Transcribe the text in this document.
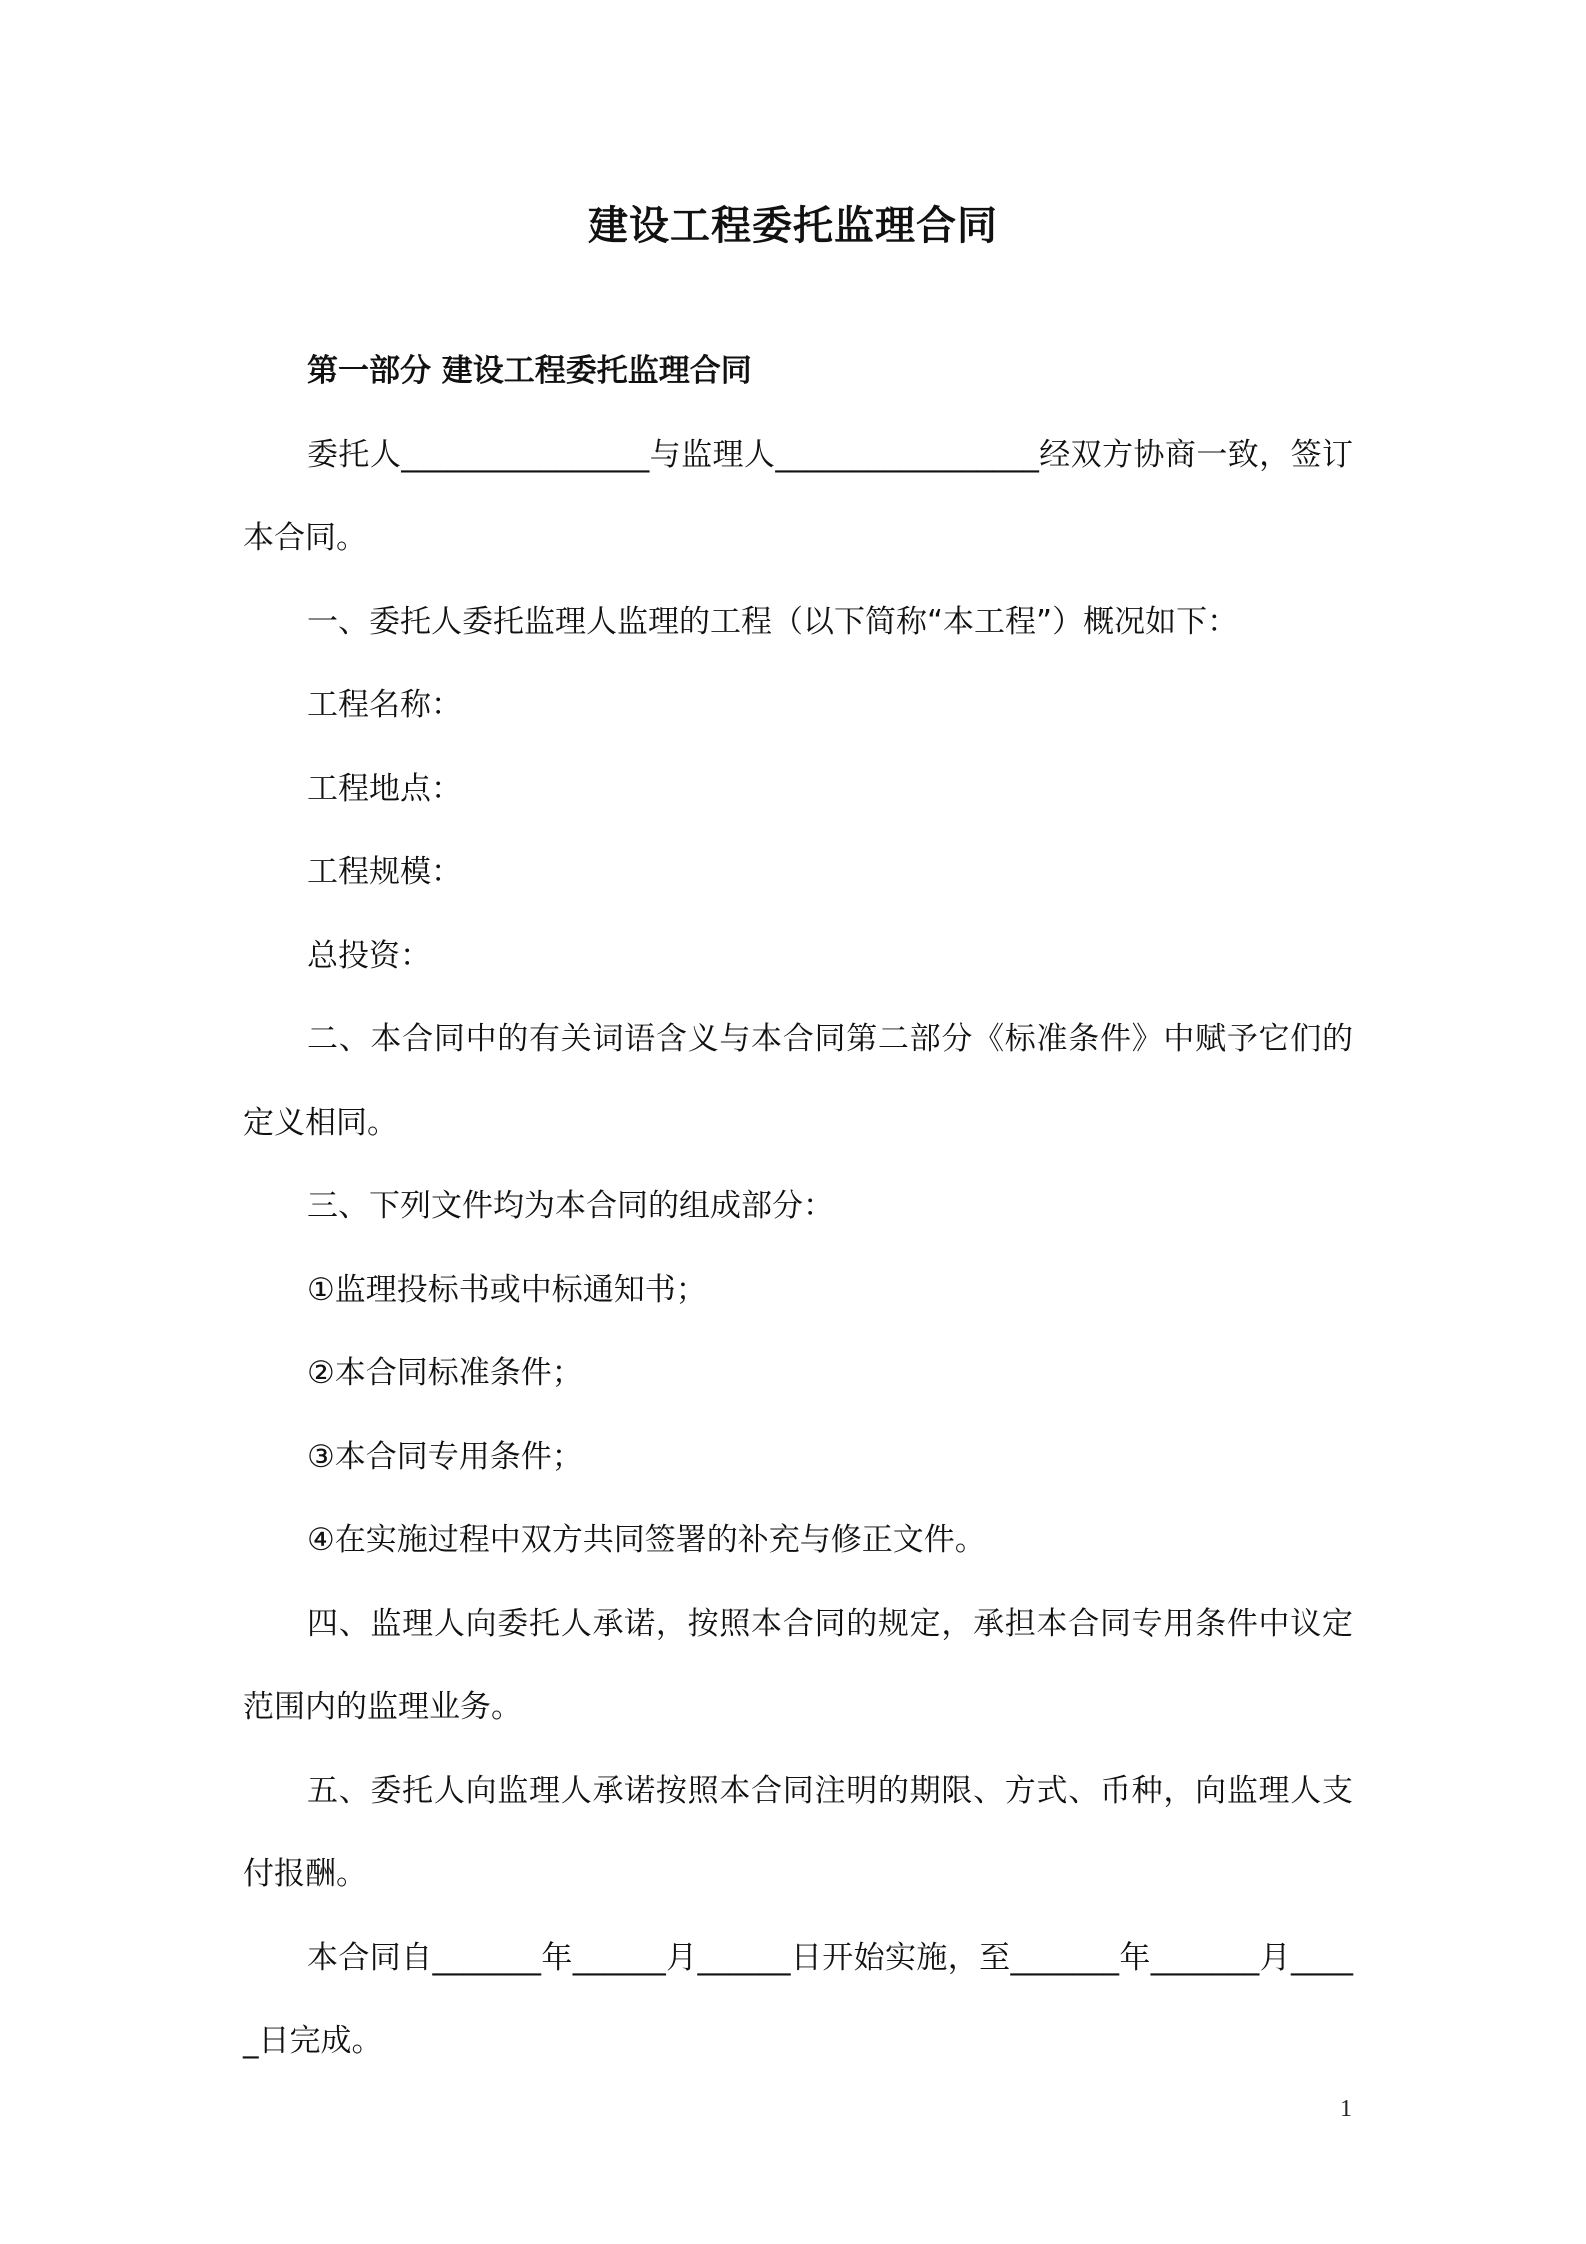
建设工程委托监理合同

第一部分 建设工程委托监理合同

委托人________________与监理人_________________经双方协商一致，签订本合同。

一、委托人委托监理人监理的工程（以下简称“本工程”）概况如下：

工程名称：

工程地点：

工程规模：

总投资：

二、本合同中的有关词语含义与本合同第二部分《标准条件》中赋予它们的定义相同。

三、下列文件均为本合同的组成部分：

①监理投标书或中标通知书；

②本合同标准条件；

③本合同专用条件；

④在实施过程中双方共同签署的补充与修正文件。

四、监理人向委托人承诺，按照本合同的规定，承担本合同专用条件中议定范围内的监理业务。

五、委托人向监理人承诺按照本合同注明的期限、方式、币种，向监理人支付报酬。

本合同自_______年______月______日开始实施，至_______年_______月_____日完成。

1
